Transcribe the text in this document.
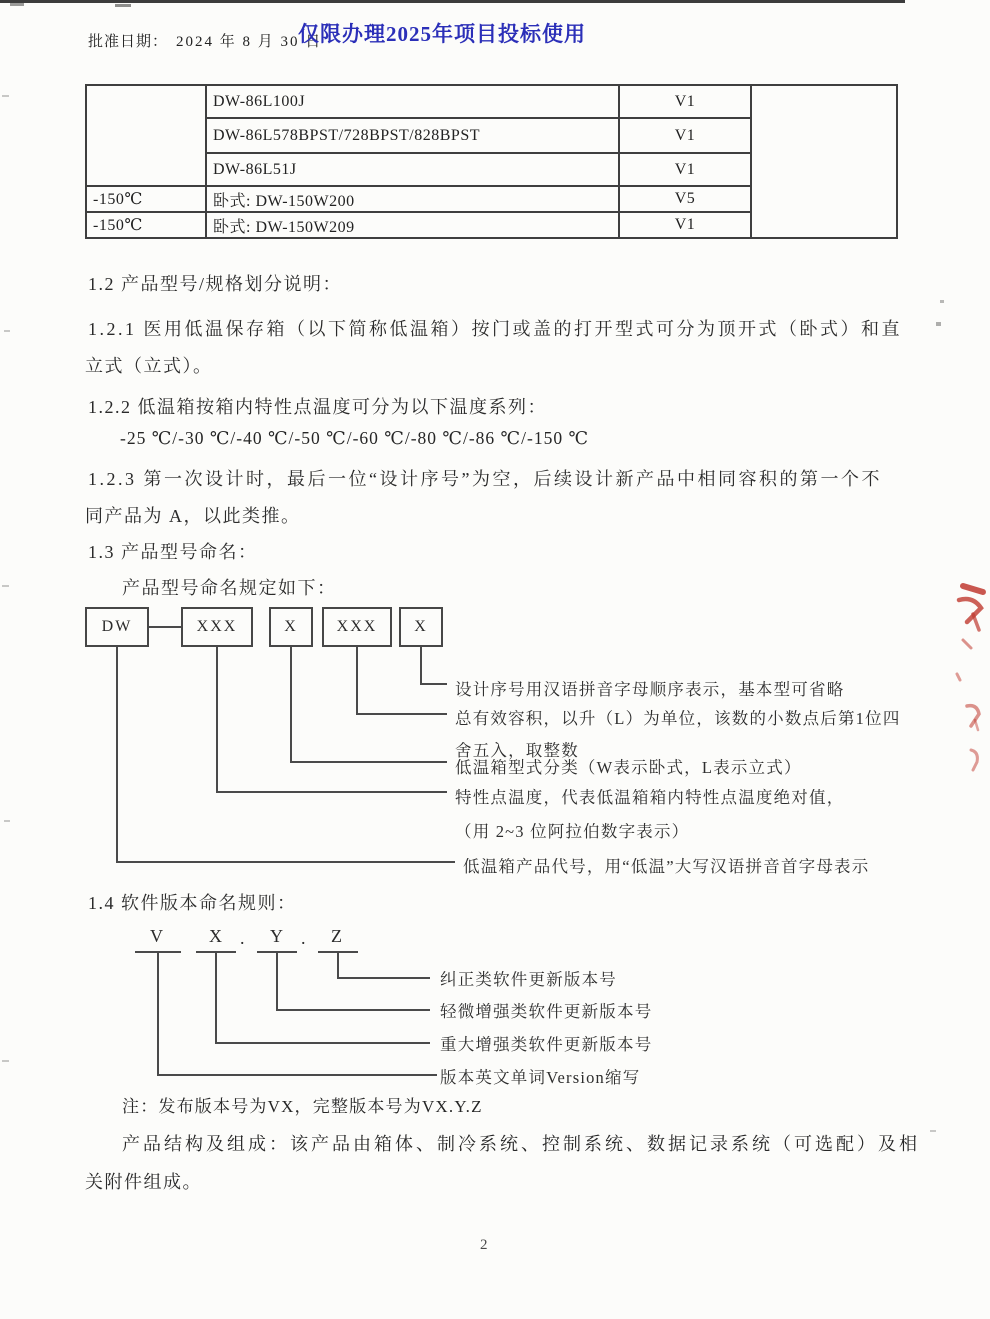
批准日期： 2024 年 8 月 30 日
仅限办理2025年项目投标使用
	DW-86L100J	V1	
	DW-86L578BPST/728BPST/828BPST	V1	
	DW-86L51J	V1	
-150℃	卧式: DW-150W200	V5	
-150℃	卧式: DW-150W209	V1	
1.2 产品型号/规格划分说明：
1.2.1 医用低温保存箱（以下简称低温箱）按门或盖的打开型式可分为顶开式（卧式）和直
立式（立式）。
1.2.2 低温箱按箱内特性点温度可分为以下温度系列：
-25 ℃/-30 ℃/-40 ℃/-50 ℃/-60 ℃/-80 ℃/-86 ℃/-150 ℃
1.2.3 第一次设计时，最后一位“设计序号”为空，后续设计新产品中相同容积的第一个不
同产品为 A，以此类推。
1.3 产品型号命名：
产品型号命名规定如下：
DW	XXX	X	XXX	X
设计序号用汉语拼音字母顺序表示，基本型可省略
总有效容积，以升（L）为单位，该数的小数点后第1位四
舍五入，取整数
低温箱型式分类（W表示卧式，L表示立式）
特性点温度，代表低温箱箱内特性点温度绝对值，
（用 2~3 位阿拉伯数字表示）
低温箱产品代号，用“低温”大写汉语拼音首字母表示
1.4 软件版本命名规则：
V	X . Y . Z
纠正类软件更新版本号
轻微增强类软件更新版本号
重大增强类软件更新版本号
版本英文单词Version缩写
注：发布版本号为VX，完整版本号为VX.Y.Z
产品结构及组成：该产品由箱体、制冷系统、控制系统、数据记录系统（可选配）及相
关附件组成。
2
